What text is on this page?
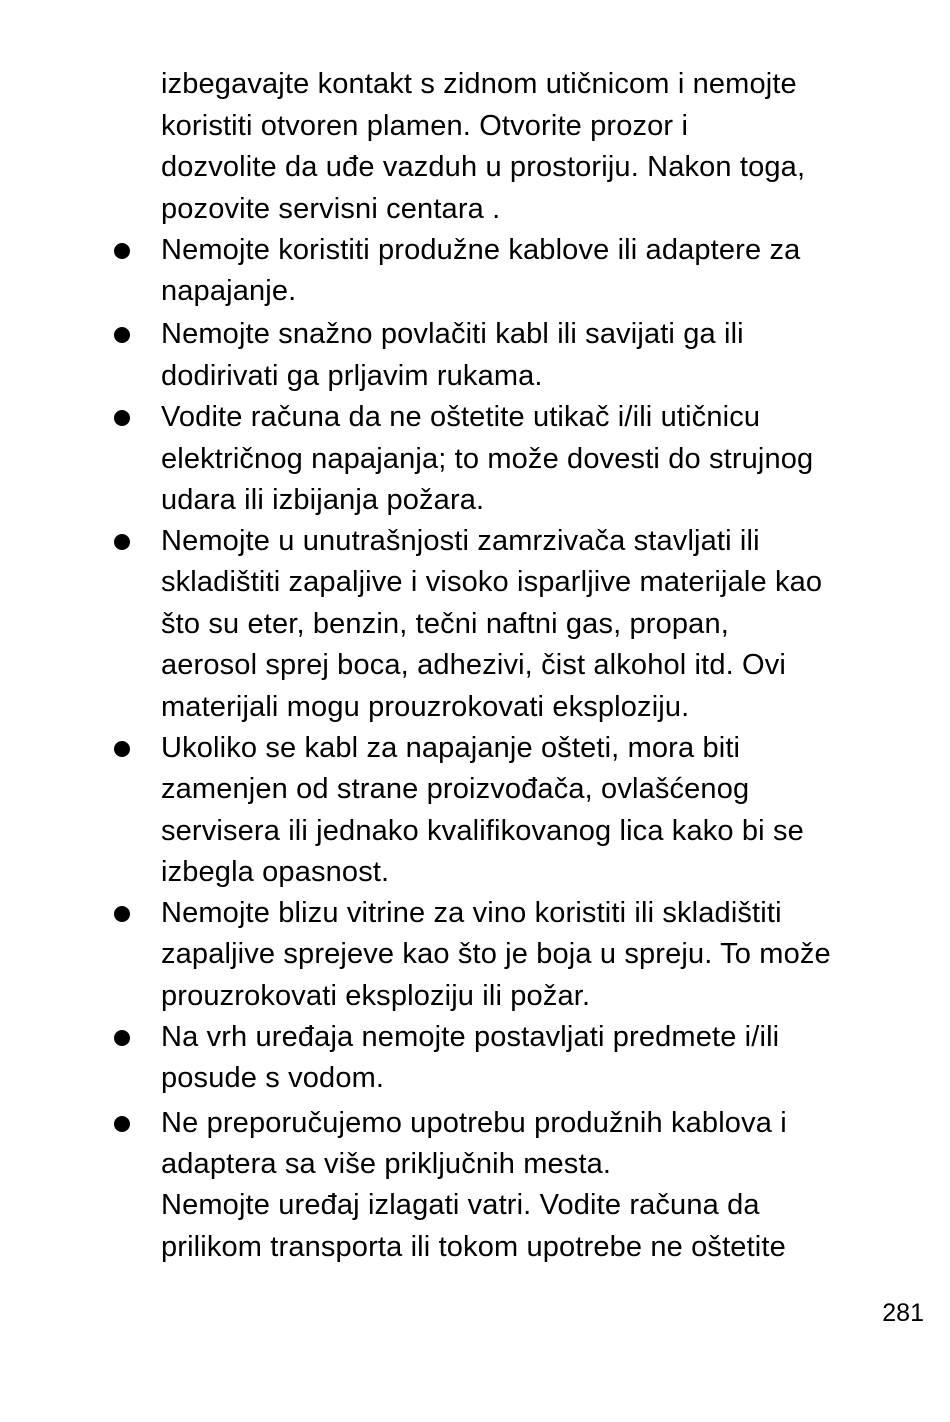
izbegavajte kontakt s zidnom utičnicom i nemojte
koristiti otvoren plamen. Otvorite prozor i
dozvolite da uđe vazduh u prostoriju. Nakon toga,
pozovite servisni centara .
Nemojte koristiti produžne kablove ili adaptere za
napajanje.
Nemojte snažno povlačiti kabl ili savijati ga ili
dodirivati ga prljavim rukama.
Vodite računa da ne oštetite utikač i/ili utičnicu
električnog napajanja; to može dovesti do strujnog
udara ili izbijanja požara.
Nemojte u unutrašnjosti zamrzivača stavljati ili
skladištiti zapaljive i visoko isparljive materijale kao
što su eter, benzin, tečni naftni gas, propan,
aerosol sprej boca, adhezivi, čist alkohol itd. Ovi
materijali mogu prouzrokovati eksploziju.
Ukoliko se kabl za napajanje ošteti, mora biti
zamenjen od strane proizvođača, ovlašćenog
servisera ili jednako kvalifikovanog lica kako bi se
izbegla opasnost.
Nemojte blizu vitrine za vino koristiti ili skladištiti
zapaljive sprejeve kao što je boja u spreju. To može
prouzrokovati eksploziju ili požar.
Na vrh uređaja nemojte postavljati predmete i/ili
posude s vodom.
Ne preporučujemo upotrebu produžnih kablova i
adaptera sa više priključnih mesta.
Nemojte uređaj izlagati vatri. Vodite računa da
prilikom transporta ili tokom upotrebe ne oštetite
281
